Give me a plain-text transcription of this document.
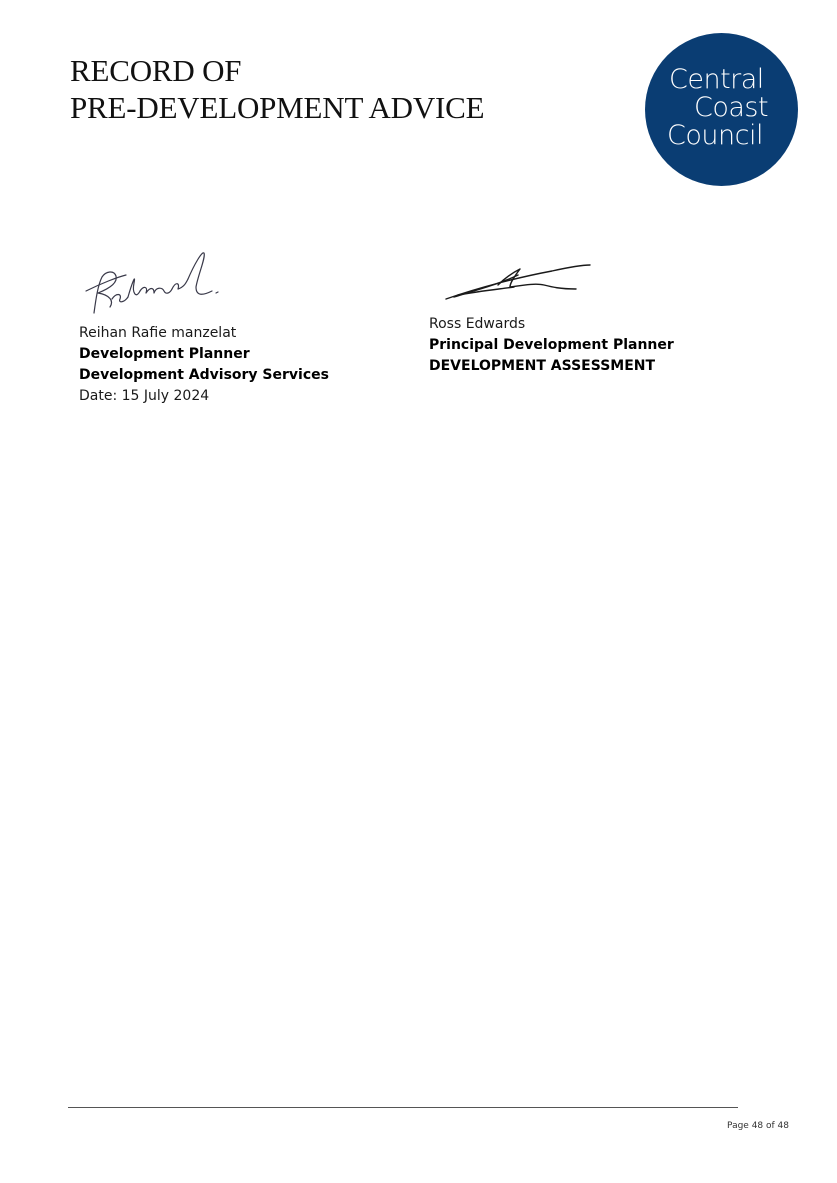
RECORD OF
PRE-DEVELOPMENT ADVICE
Central
Coast
Council
Reihan Rafie manzelat
Development Planner
Development Advisory Services
Date: 15 July 2024
Ross Edwards
Principal Development Planner
DEVELOPMENT ASSESSMENT
Page 48 of 48
